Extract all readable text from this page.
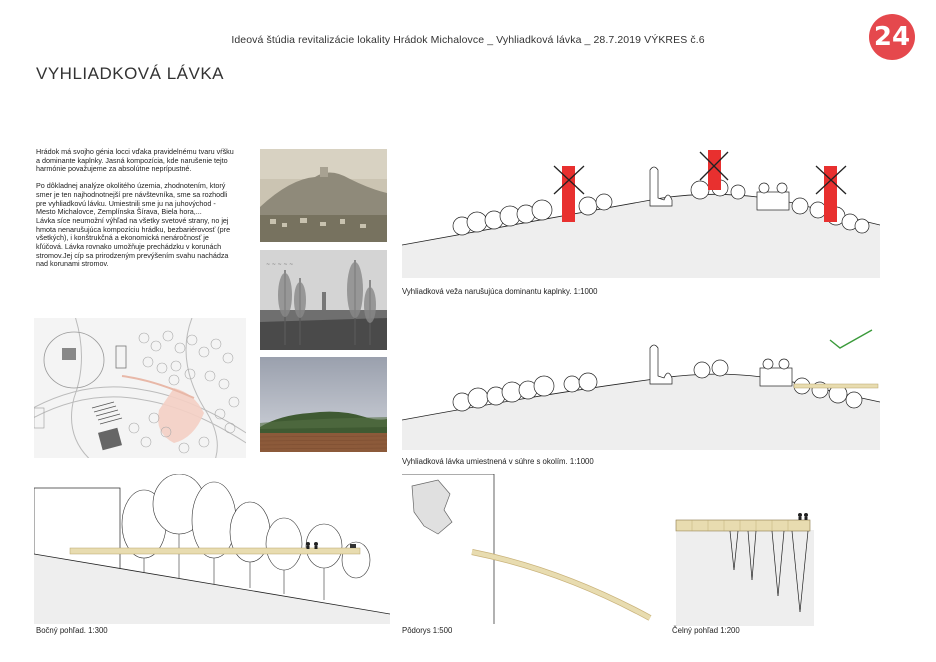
Ideová štúdia revitalizácie lokality Hrádok Michalovce _ Vyhliadková lávka _ 28.7.2019 VÝKRES č.6	24
VYHLIADKOVÁ LÁVKA
Hrádok má svojho génia locci vďaka pravidelnému tvaru vŕšku a dominante kaplnky. Jasná kompozícia, kde narušenie tejto harmónie považujeme za absolútne neprípustné.
Po dôkladnej analýze okolitého územia, zhodnotením, ktorý smer je ten najhodnotnejší pre návštevníka, sme sa rozhodli pre vyhliadkovú lávku. Umiestnili sme ju na juhovýchod - Mesto Michalovce, Zemplínska Šírava, Biela hora,...
Lávka síce neumožní výhľad na všetky svetové strany, no jej hmota nenarušujúca kompozíciu hrádku, bezbariérovosť (pre všetkých), i konštrukčná a ekonomická nenáročnosť je kľúčová. Lávka rovnako umožňuje prechádzku v korunách stromov.Jej cíp sa prirodzeným prevýšením svahu nachádza nad korunami stromov.	~ ~ ~ ~ ~
Vyhliadková veža narušujúca dominantu kaplnky. 1:1000
Vyhliadková lávka umiestnená v súhre s okolím. 1:1000
Bočný pohľad. 1:300	Pôdorys 1:500	Čelný pohľad 1:200
